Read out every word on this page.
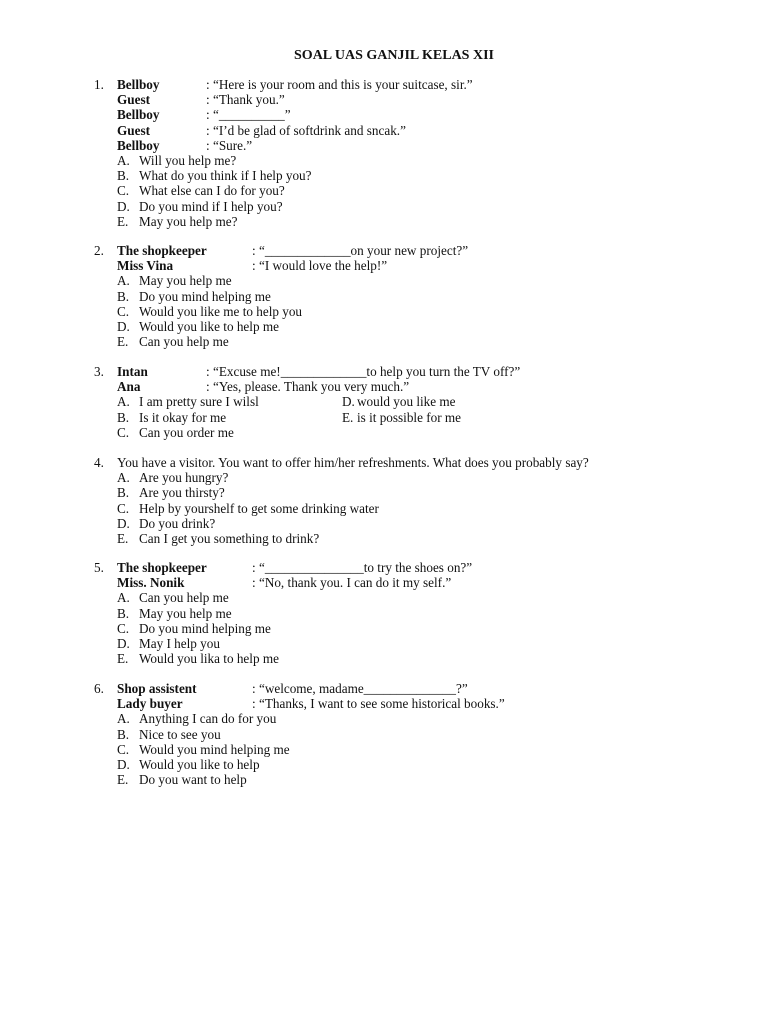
SOAL UAS GANJIL KELAS XII
1. Bellboy	: “Here is your room and this is your suitcase, sir.”
Guest	: “Thank you.”
Bellboy	: “__________”
Guest	: “I’d be glad of softdrink and sncak.”
Bellboy	: “Sure.”
A. Will you help me?
B. What do you think if I help you?
C. What else can I do for you?
D. Do you mind if I help you?
E. May you help me?
2. The shopkeeper	: “_____________on your new project?”
Miss Vina	: “I would love the help!”
A. May you help me
B. Do you mind helping me
C. Would you like me to help you
D. Would you like to help me
E. Can you help me
3. Intan	: “Excuse me!_____________to help you turn the TV off?”
Ana	: “Yes, please. Thank you very much.”
A. I am pretty sure I wilsl	D. would you like me
B. Is it okay for me	E. is it possible for me
C. Can you order me
4. You have a visitor. You want to offer him/her refreshments. What does you probably say?
A. Are you hungry?
B. Are you thirsty?
C. Help by yourshelf to get some drinking water
D. Do you drink?
E. Can I get you something to drink?
5. The shopkeeper	: “_______________to try the shoes on?”
Miss. Nonik	: “No, thank you. I can do it my self.”
A. Can you help me
B. May you help me
C. Do you mind helping me
D. May I help you
E. Would you lika to help me
6. Shop assistent	: “welcome, madame______________?”
Lady buyer	: “Thanks, I want to see some historical books.”
A. Anything I can do for you
B. Nice to see you
C. Would you mind helping me
D. Would you like to help
E. Do you want to help
